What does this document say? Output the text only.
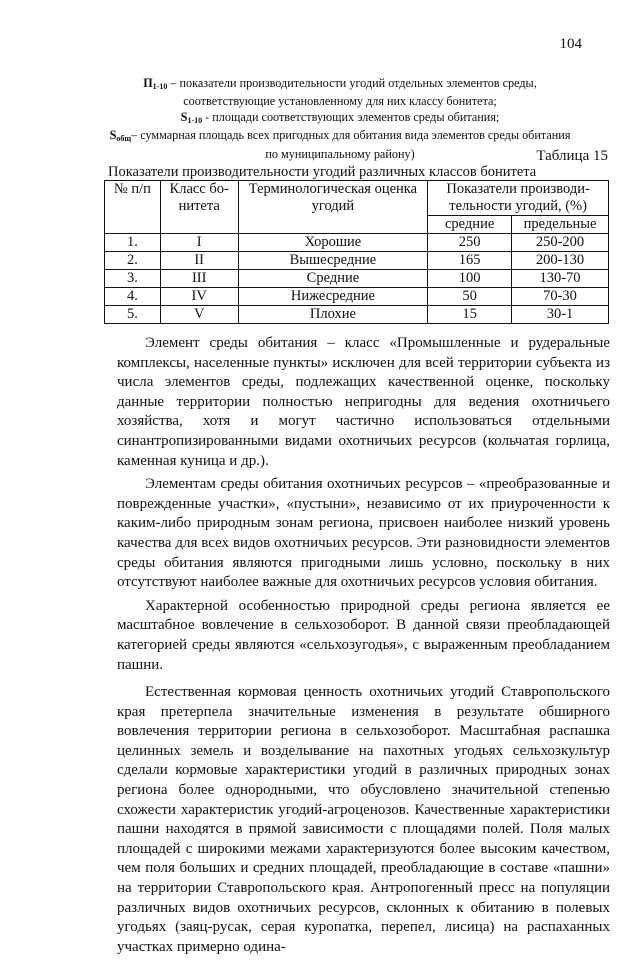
104
$П_{1-10}$ – показатели производительности угодий отдельных элементов среды,
соответствующие установленному для них классу бонитета;
$S_{1-10}$ - площади соответствующих элементов среды обитания;
$S_{общ}-$ суммарная площадь всех пригодных для обитания вида элементов среды обитания
по муниципальному району)	Таблица 15
Показатели производительности угодий различных классов бонитета
№ п/п	Класс бо-нитета	Терминологическая оценка угодий	Показатели производи-тельности угодий, (%)	
			средние	предельные
1.	I	Хорошие	250	250-200
2.	II	Вышесредние	165	200-130
3.	III	Средние	100	130-70
4.	IV	Нижесредние	50	70-30
5.	V	Плохие	15	30-1

Элемент среды обитания – класс «Промышленные и рудеральные комплексы, населенные пункты» исключен для всей территории субъекта из числа элементов среды, подлежащих качественной оценке, поскольку данные территории полностью непригодны для ведения охотничьего хозяйства, хотя и могут частично использоваться отдельными синантропизированными видами охотничьих ресурсов (кольчатая горлица, каменная куница и др.).

Элементам среды обитания охотничьих ресурсов – «преобразованные и поврежденные участки», «пустыни», независимо от их приуроченности к каким-либо природным зонам региона, присвоен наиболее низкий уровень качества для всех видов охотничьих ресурсов. Эти разновидности элементов среды обитания являются пригодными лишь условно, поскольку в них отсутствуют наиболее важные для охотничьих ресурсов условия обитания.

Характерной особенностью природной среды региона является ее масштабное вовлечение в сельхозоборот. В данной связи преобладающей категорией среды являются «сельхозугодья», с выраженным преобладанием пашни.

Естественная кормовая ценность охотничьих угодий Ставропольского края претерпела значительные изменения в результате обширного вовлечения территории региона в сельхозоборот. Масштабная распашка целинных земель и возделывание на пахотных угодьях сельхозкультур сделали кормовые характеристики угодий в различных природных зонах региона более однородными, что обусловлено значительной степенью схожести характеристик угодий-агроценозов. Качественные характеристики пашни находятся в прямой зависимости с площадями полей. Поля малых площадей с широкими межами характеризуются более высоким качеством, чем поля больших и средних площадей, преобладающие в составе «пашни» на территории Ставропольского края. Антропогенный пресс на популяции различных видов охотничьих ресурсов, склонных к обитанию в полевых угодьях (заяц-русак, серая куропатка, перепел, лисица) на распаханных участках примерно одина-
